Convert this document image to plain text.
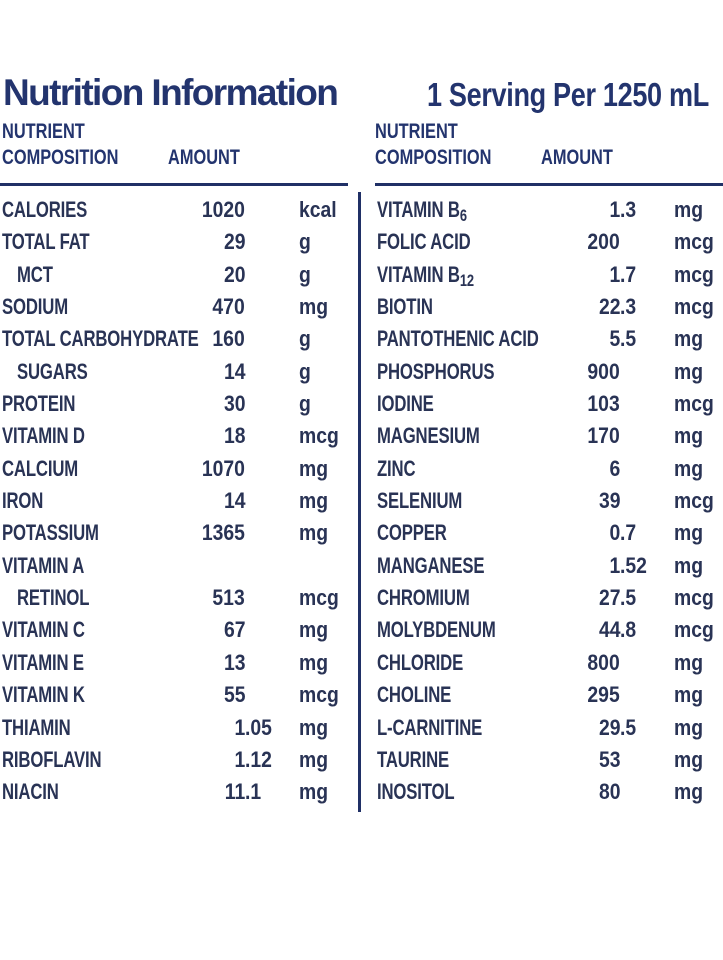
Nutrition Information	1 Serving Per 1250 mL
NUTRIENT
COMPOSITION AMOUNT
NUTRIENT
COMPOSITION AMOUNT
CALORIES	1020 kcal
TOTAL FAT	29 g
MCT	20 g
SODIUM	470 mg
TOTAL CARBOHYDRATE 160 g
SUGARS	14 g
PROTEIN	30 g
VITAMIN D	18 mcg
CALCIUM	1070 mg
IRON	14 mg
POTASSIUM	1365 mg
VITAMIN A
RETINOL	513 mcg
VITAMIN C	67 mg
VITAMIN E	13 mg
VITAMIN K	55 mcg
THIAMIN	1 .05 mg
RIBOFLAVIN	1 .12 mg
NIACIN	11 .1 mg
VITAMIN B6	1 .3 mg
FOLIC ACID	200 mcg
VITAMIN B12	1 .7 mcg
BIOTIN	22 .3 mcg
PANTOTHENIC ACID	5 .5 mg
PHOSPHORUS	900 mg
IODINE	103 mcg
MAGNESIUM	170 mg
ZINC	6 mg
SELENIUM	39 mcg
COPPER	0 .7 mg
MANGANESE	1 .52 mg
CHROMIUM	27 .5 mcg
MOLYBDENUM	44 .8 mcg
CHLORIDE	800 mg
CHOLINE	295 mg
L-CARNITINE	29 .5 mg
TAURINE	53 mg
INOSITOL	80 mg
